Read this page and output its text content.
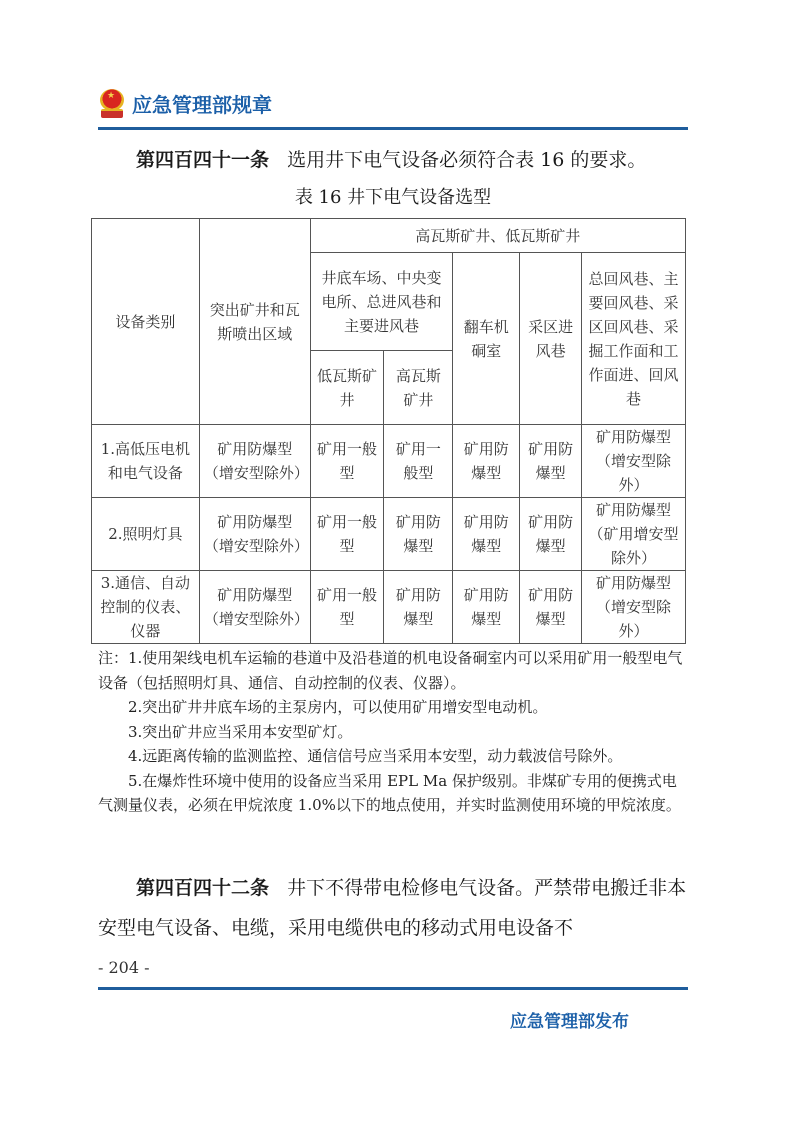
★ 应急管理部规章
第四百四十一条 选用井下电气设备必须符合表 16 的要求。
表 16 井下电气设备选型
设备类别	突出矿井和瓦斯喷出区域	高瓦斯矿井、低瓦斯矿井				
		井底车场、中央变电所、总进风巷和主要进风巷		翻车机硐室	采区进风巷	总回风巷、主要回风巷、采区回风巷、采掘工作面和工作面进、回风巷
		低瓦斯矿井	高瓦斯矿井			
1.高低压电机和电气设备	矿用防爆型（增安型除外）	矿用一般型	矿用一般型	矿用防爆型	矿用防爆型	矿用防爆型（增安型除外）
2.照明灯具	矿用防爆型（增安型除外）	矿用一般型	矿用防爆型	矿用防爆型	矿用防爆型	矿用防爆型（矿用增安型除外）
3.通信、自动控制的仪表、仪器	矿用防爆型（增安型除外）	矿用一般型	矿用防爆型	矿用防爆型	矿用防爆型	矿用防爆型（增安型除外）

注：1.使用架线电机车运输的巷道中及沿巷道的机电设备硐室内可以采用矿用一般型电气设备（包括照明灯具、通信、自动控制的仪表、仪器）。

2.突出矿井井底车场的主泵房内，可以使用矿用增安型电动机。

3.突出矿井应当采用本安型矿灯。

4.远距离传输的监测监控、通信信号应当采用本安型，动力载波信号除外。

5.在爆炸性环境中使用的设备应当采用 EPL Ma 保护级别。非煤矿专用的便携式电气测量仪表，必须在甲烷浓度 1.0%以下的地点使用，并实时监测使用环境的甲烷浓度。

第四百四十二条 井下不得带电检修电气设备。严禁带电搬迁非本安型电气设备、电缆，采用电缆供电的移动式用电设备不
- 204 -
应急管理部发布
